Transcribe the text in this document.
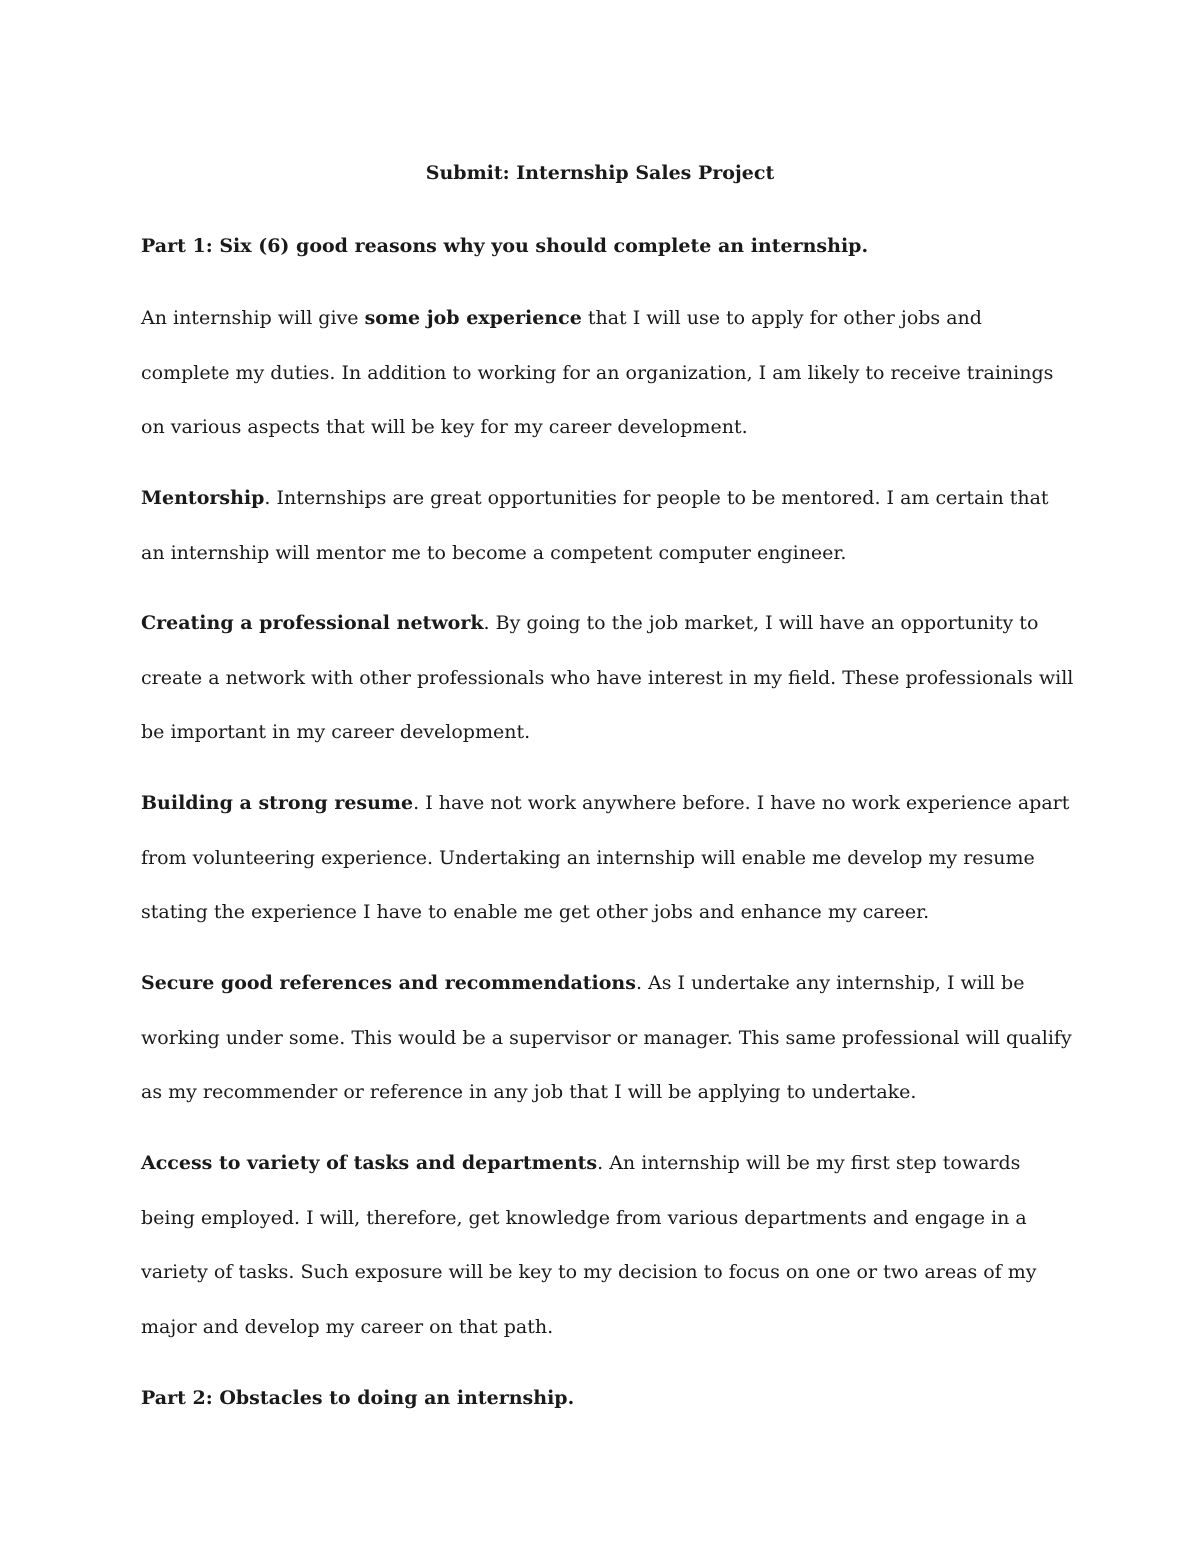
Submit: Internship Sales Project
Part 1: Six (6) good reasons why you should complete an internship.
An internship will give some job experience that I will use to apply for other jobs and complete my duties. In addition to working for an organization, I am likely to receive trainings on various aspects that will be key for my career development.
Mentorship. Internships are great opportunities for people to be mentored. I am certain that an internship will mentor me to become a competent computer engineer.
Creating a professional network. By going to the job market, I will have an opportunity to create a network with other professionals who have interest in my field. These professionals will be important in my career development.
Building a strong resume. I have not work anywhere before. I have no work experience apart from volunteering experience. Undertaking an internship will enable me develop my resume stating the experience I have to enable me get other jobs and enhance my career.
Secure good references and recommendations. As I undertake any internship, I will be working under some. This would be a supervisor or manager. This same professional will qualify as my recommender or reference in any job that I will be applying to undertake.
Access to variety of tasks and departments. An internship will be my first step towards being employed. I will, therefore, get knowledge from various departments and engage in a variety of tasks. Such exposure will be key to my decision to focus on one or two areas of my major and develop my career on that path.
Part 2: Obstacles to doing an internship.
